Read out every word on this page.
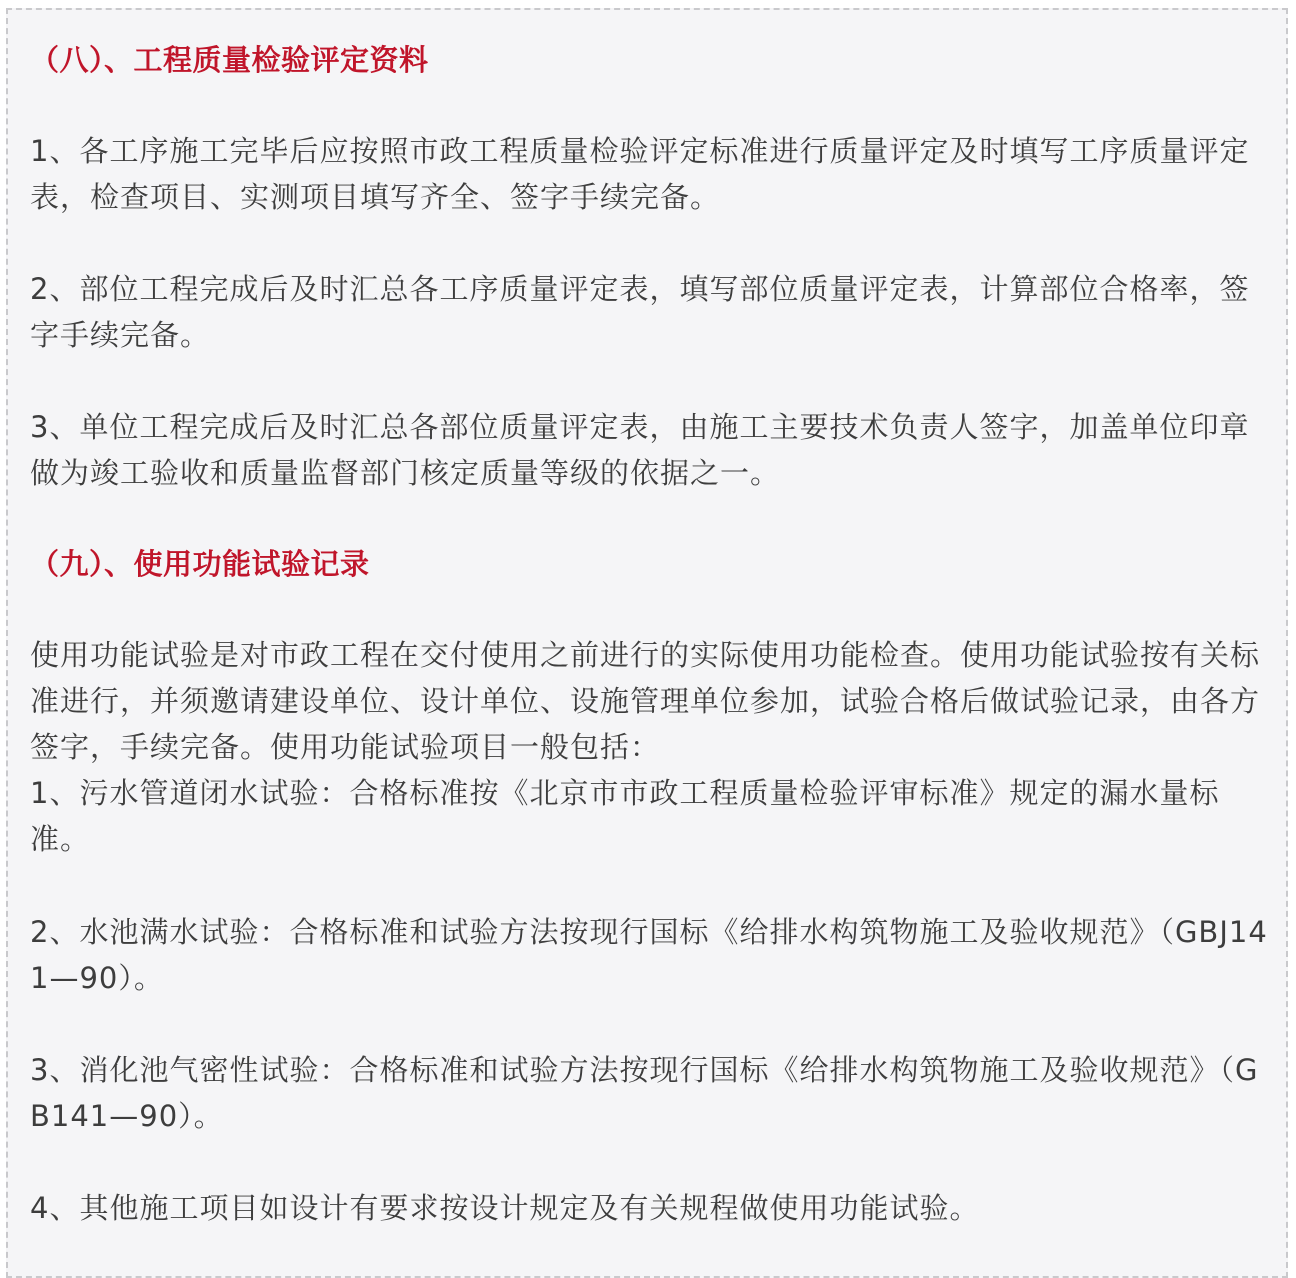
（八）、工程质量检验评定资料

1、各工序施工完毕后应按照市政工程质量检验评定标准进行质量评定及时填写工序质量评定表，检查项目、实测项目填写齐全、签字手续完备。

2、部位工程完成后及时汇总各工序质量评定表，填写部位质量评定表，计算部位合格率，签字手续完备。

3、单位工程完成后及时汇总各部位质量评定表，由施工主要技术负责人签字，加盖单位印章做为竣工验收和质量监督部门核定质量等级的依据之一。

（九）、使用功能试验记录

使用功能试验是对市政工程在交付使用之前进行的实际使用功能检查。使用功能试验按有关标准进行，并须邀请建设单位、设计单位、设施管理单位参加，试验合格后做试验记录，由各方签字，手续完备。使用功能试验项目一般包括：

1、污水管道闭水试验：合格标准按《北京市市政工程质量检验评审标准》规定的漏水量标准。

2、水池满水试验：合格标准和试验方法按现行国标《给排水构筑物施工及验收规范》（GBJ141—90）。

3、消化池气密性试验：合格标准和试验方法按现行国标《给排水构筑物施工及验收规范》（GB141—90）。

4、其他施工项目如设计有要求按设计规定及有关规程做使用功能试验。
